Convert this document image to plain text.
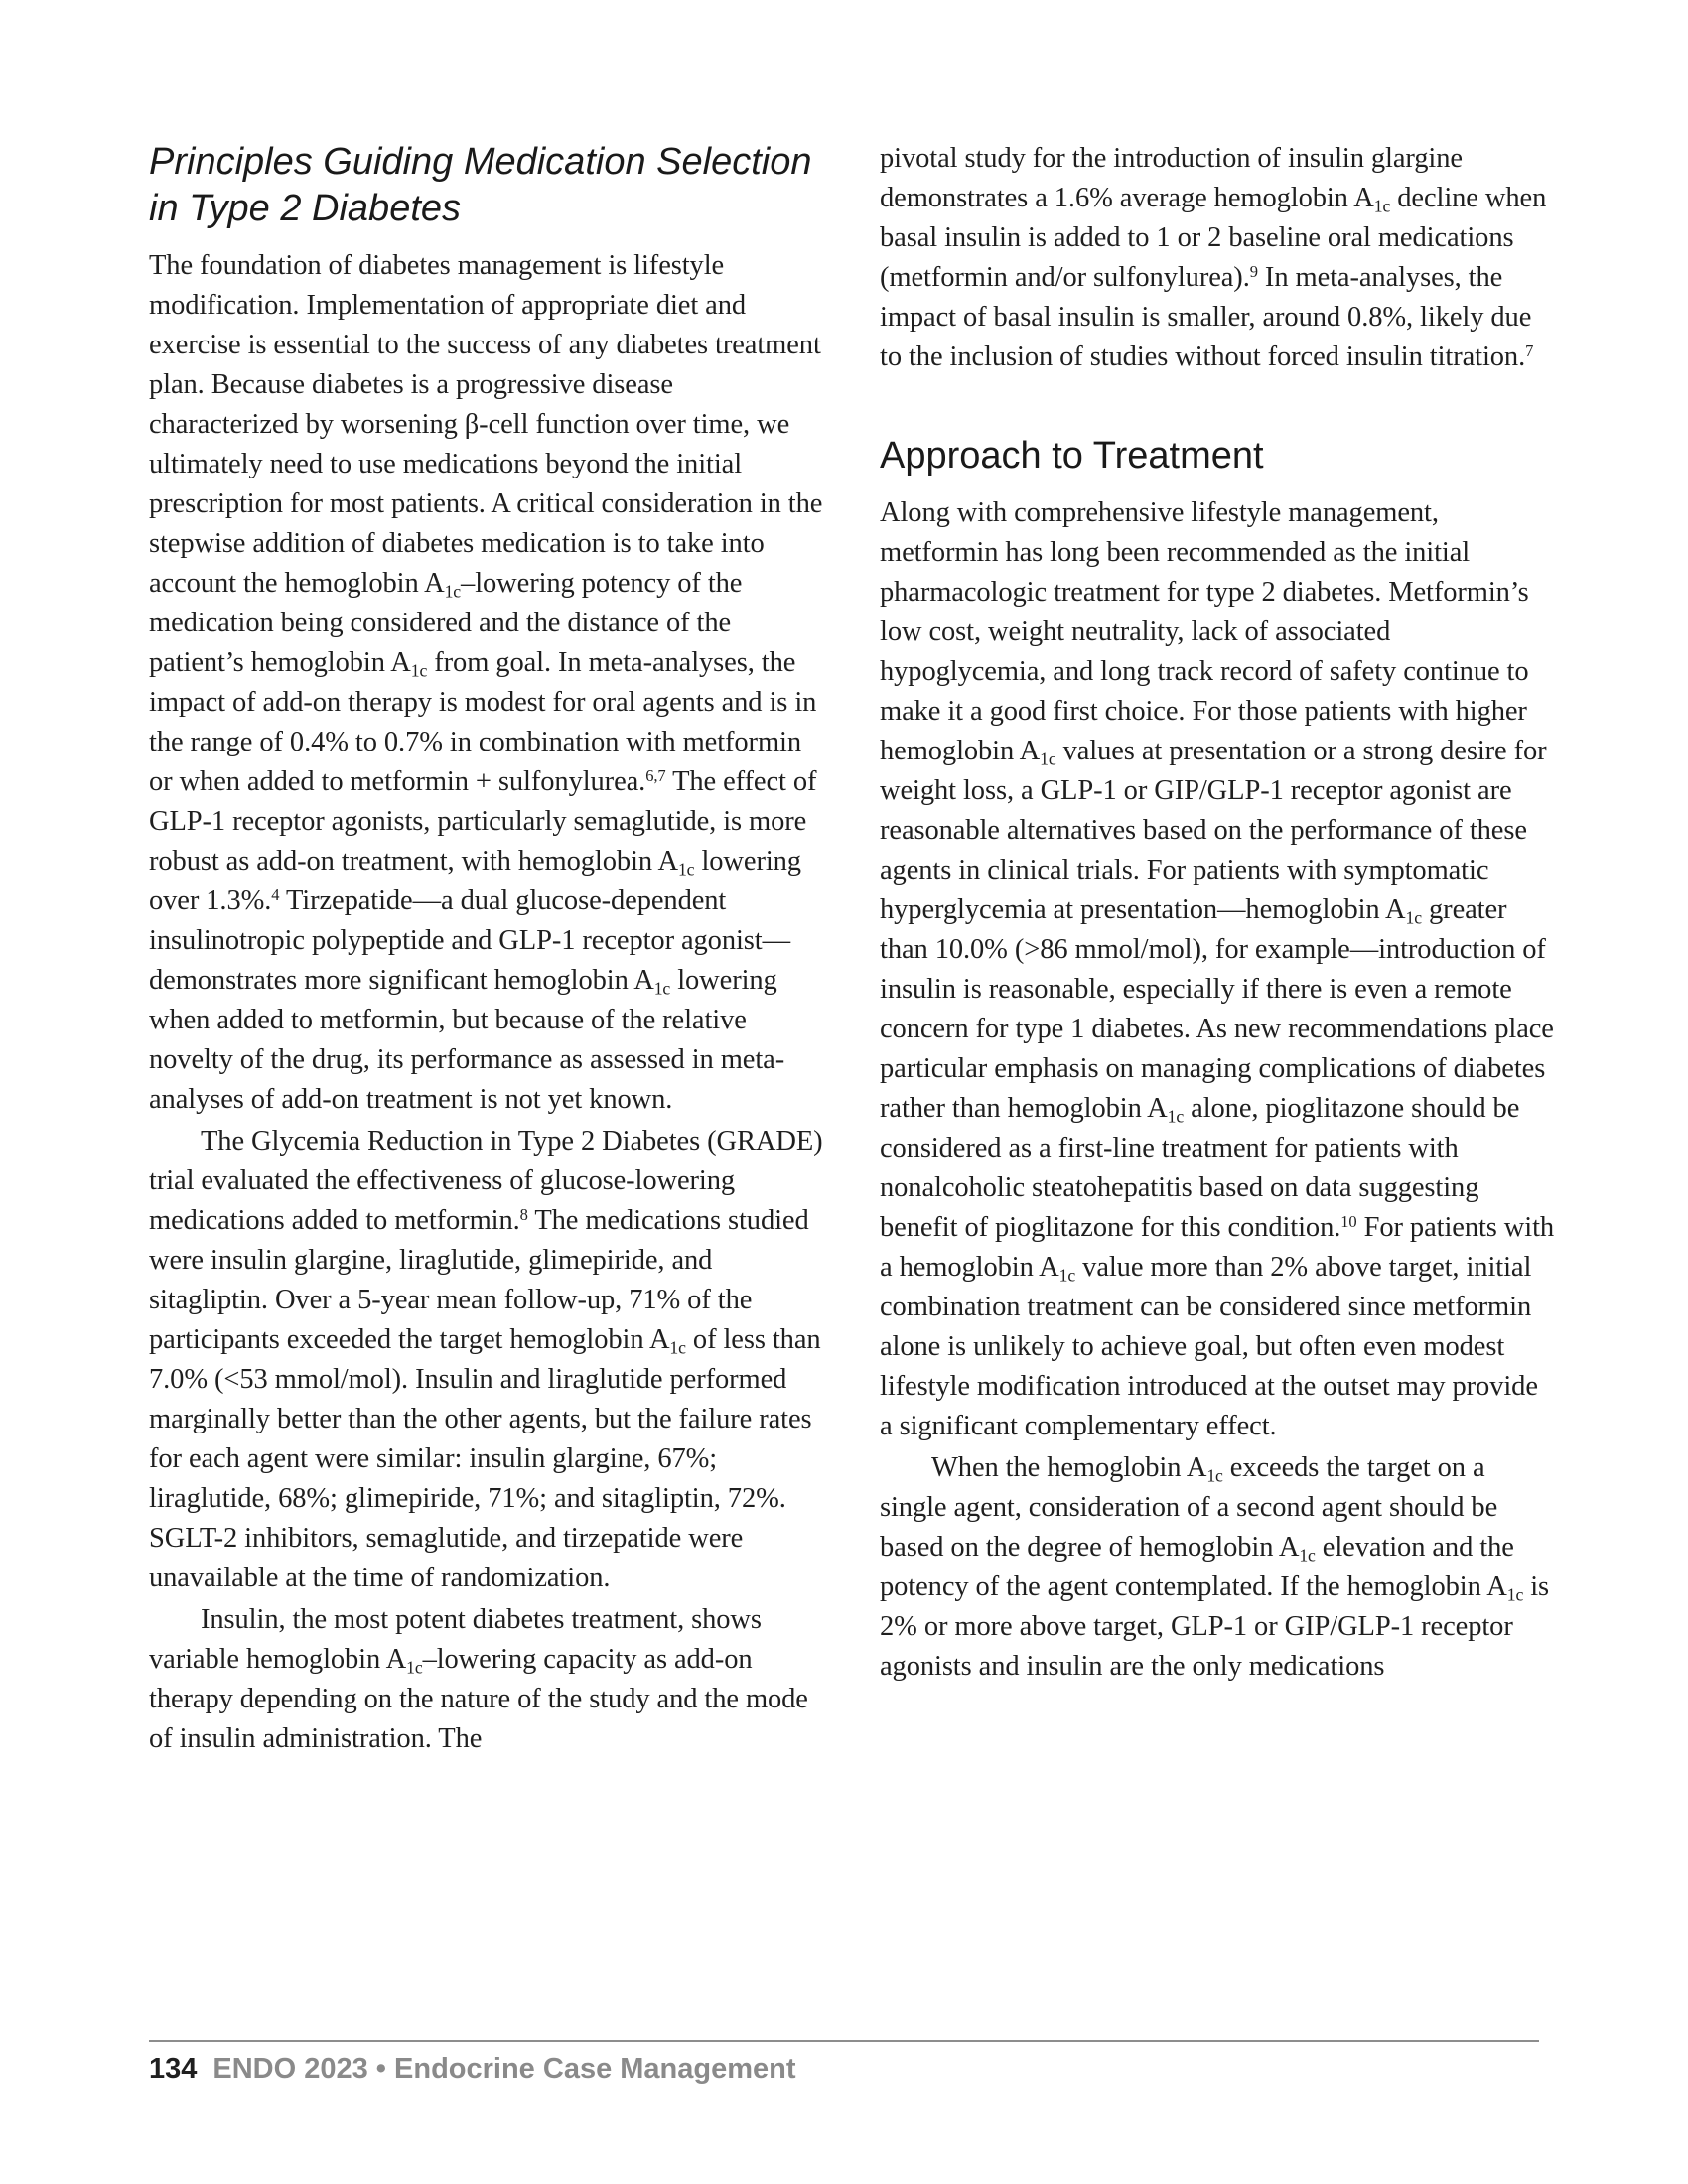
Principles Guiding Medication Selection in Type 2 Diabetes

The foundation of diabetes management is lifestyle modification. Implementation of appropriate diet and exercise is essential to the success of any diabetes treatment plan. Because diabetes is a progressive disease characterized by worsening β-cell function over time, we ultimately need to use medications beyond the initial prescription for most patients. A critical consideration in the stepwise addition of diabetes medication is to take into account the hemoglobin $A_{1c}$–lowering potency of the medication being considered and the distance of the patient’s hemoglobin $A_{1c}$ from goal. In meta-analyses, the impact of add-on therapy is modest for oral agents and is in the range of 0.4% to 0.7% in combination with metformin or when added to metformin + sulfonylurea.$^{6,7}$ The effect of GLP-1 receptor agonists, particularly semaglutide, is more robust as add-on treatment, with hemoglobin $A_{1c}$ lowering over 1.3%.$^4$ Tirzepatide—a dual glucose-dependent insulinotropic polypeptide and GLP-1 receptor agonist—demonstrates more significant hemoglobin $A_{1c}$ lowering when added to metformin, but because of the relative novelty of the drug, its performance as assessed in meta-analyses of add-on treatment is not yet known.

The Glycemia Reduction in Type 2 Diabetes (GRADE) trial evaluated the effectiveness of glucose-lowering medications added to metformin.$^8$ The medications studied were insulin glargine, liraglutide, glimepiride, and sitagliptin. Over a 5-year mean follow-up, 71% of the participants exceeded the target hemoglobin $A_{1c}$ of less than 7.0% (<53 mmol/mol). Insulin and liraglutide performed marginally better than the other agents, but the failure rates for each agent were similar: insulin glargine, 67%; liraglutide, 68%; glimepiride, 71%; and sitagliptin, 72%. SGLT-2 inhibitors, semaglutide, and tirzepatide were unavailable at the time of randomization.

Insulin, the most potent diabetes treatment, shows variable hemoglobin $A_{1c}$–lowering capacity as add-on therapy depending on the nature of the study and the mode of insulin administration. The

pivotal study for the introduction of insulin glargine demonstrates a 1.6% average hemoglobin $A_{1c}$ decline when basal insulin is added to 1 or 2 baseline oral medications (metformin and/or sulfonylurea).$^9$ In meta-analyses, the impact of basal insulin is smaller, around 0.8%, likely due to the inclusion of studies without forced insulin titration.$^7$

Approach to Treatment

Along with comprehensive lifestyle management, metformin has long been recommended as the initial pharmacologic treatment for type 2 diabetes. Metformin’s low cost, weight neutrality, lack of associated hypoglycemia, and long track record of safety continue to make it a good first choice. For those patients with higher hemoglobin $A_{1c}$ values at presentation or a strong desire for weight loss, a GLP-1 or GIP/GLP-1 receptor agonist are reasonable alternatives based on the performance of these agents in clinical trials. For patients with symptomatic hyperglycemia at presentation—hemoglobin $A_{1c}$ greater than 10.0% (>86 mmol/mol), for example—introduction of insulin is reasonable, especially if there is even a remote concern for type 1 diabetes. As new recommendations place particular emphasis on managing complications of diabetes rather than hemoglobin $A_{1c}$ alone, pioglitazone should be considered as a first-line treatment for patients with nonalcoholic steatohepatitis based on data suggesting benefit of pioglitazone for this condition.$^{10}$ For patients with a hemoglobin $A_{1c}$ value more than 2% above target, initial combination treatment can be considered since metformin alone is unlikely to achieve goal, but often even modest lifestyle modification introduced at the outset may provide a significant complementary effect.

When the hemoglobin $A_{1c}$ exceeds the target on a single agent, consideration of a second agent should be based on the degree of hemoglobin $A_{1c}$ elevation and the potency of the agent contemplated. If the hemoglobin $A_{1c}$ is 2% or more above target, GLP-1 or GIP/GLP-1 receptor agonists and insulin are the only medications

134 ENDO 2023 • Endocrine Case Management
